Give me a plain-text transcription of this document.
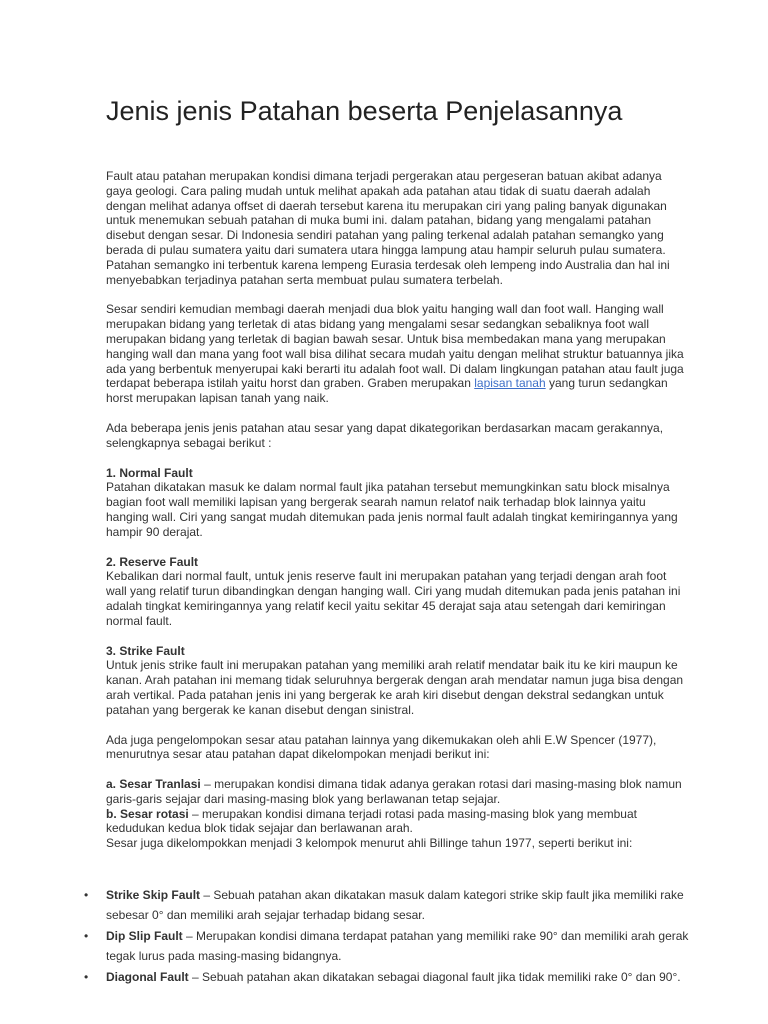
Jenis jenis Patahan beserta Penjelasannya

Fault atau patahan merupakan kondisi dimana terjadi pergerakan atau pergeseran batuan akibat adanya gaya geologi. Cara paling mudah untuk melihat apakah ada patahan atau tidak di suatu daerah adalah dengan melihat adanya offset di daerah tersebut karena itu merupakan ciri yang paling banyak digunakan untuk menemukan sebuah patahan di muka bumi ini. dalam patahan, bidang yang mengalami patahan disebut dengan sesar. Di Indonesia sendiri patahan yang paling terkenal adalah patahan semangko yang berada di pulau sumatera yaitu dari sumatera utara hingga lampung atau hampir seluruh pulau sumatera. Patahan semangko ini terbentuk karena lempeng Eurasia terdesak oleh lempeng indo Australia dan hal ini menyebabkan terjadinya patahan serta membuat pulau sumatera terbelah.

Sesar sendiri kemudian membagi daerah menjadi dua blok yaitu hanging wall dan foot wall. Hanging wall merupakan bidang yang terletak di atas bidang yang mengalami sesar sedangkan sebaliknya foot wall merupakan bidang yang terletak di bagian bawah sesar. Untuk bisa membedakan mana yang merupakan hanging wall dan mana yang foot wall bisa dilihat secara mudah yaitu dengan melihat struktur batuannya jika ada yang berbentuk menyerupai kaki berarti itu adalah foot wall. Di dalam lingkungan patahan atau fault juga terdapat beberapa istilah yaitu horst dan graben. Graben merupakan lapisan tanah yang turun sedangkan horst merupakan lapisan tanah yang naik.

Ada beberapa jenis jenis patahan atau sesar yang dapat dikategorikan berdasarkan macam gerakannya, selengkapnya sebagai berikut :

1. Normal Fault
Patahan dikatakan masuk ke dalam normal fault jika patahan tersebut memungkinkan satu block misalnya bagian foot wall memiliki lapisan yang bergerak searah namun relatof naik terhadap blok lainnya yaitu hanging wall. Ciri yang sangat mudah ditemukan pada jenis normal fault adalah tingkat kemiringannya yang hampir 90 derajat.

2. Reserve Fault
Kebalikan dari normal fault, untuk jenis reserve fault ini merupakan patahan yang terjadi dengan arah foot wall yang relatif turun dibandingkan dengan hanging wall. Ciri yang mudah ditemukan pada jenis patahan ini adalah tingkat kemiringannya yang relatif kecil yaitu sekitar 45 derajat saja atau setengah dari kemiringan normal fault.

3. Strike Fault
Untuk jenis strike fault ini merupakan patahan yang memiliki arah relatif mendatar baik itu ke kiri maupun ke kanan. Arah patahan ini memang tidak seluruhnya bergerak dengan arah mendatar namun juga bisa dengan arah vertikal. Pada patahan jenis ini yang bergerak ke arah kiri disebut dengan dekstral sedangkan untuk patahan yang bergerak ke kanan disebut dengan sinistral.

Ada juga pengelompokan sesar atau patahan lainnya yang dikemukakan oleh ahli E.W Spencer (1977), menurutnya sesar atau patahan dapat dikelompokan menjadi berikut ini:

a. Sesar Tranlasi – merupakan kondisi dimana tidak adanya gerakan rotasi dari masing-masing blok namun garis-garis sejajar dari masing-masing blok yang berlawanan tetap sejajar.

b. Sesar rotasi – merupakan kondisi dimana terjadi rotasi pada masing-masing blok yang membuat kedudukan kedua blok tidak sejajar dan berlawanan arah.

Sesar juga dikelompokkan menjadi 3 kelompok menurut ahli Billinge tahun 1977, seperti berikut ini:

• Strike Skip Fault – Sebuah patahan akan dikatakan masuk dalam kategori strike skip fault jika memiliki rake sebesar 0° dan memiliki arah sejajar terhadap bidang sesar.
• Dip Slip Fault – Merupakan kondisi dimana terdapat patahan yang memiliki rake 90° dan memiliki arah gerak tegak lurus pada masing-masing bidangnya.
• Diagonal Fault – Sebuah patahan akan dikatakan sebagai diagonal fault jika tidak memiliki rake 0° dan 90°.
